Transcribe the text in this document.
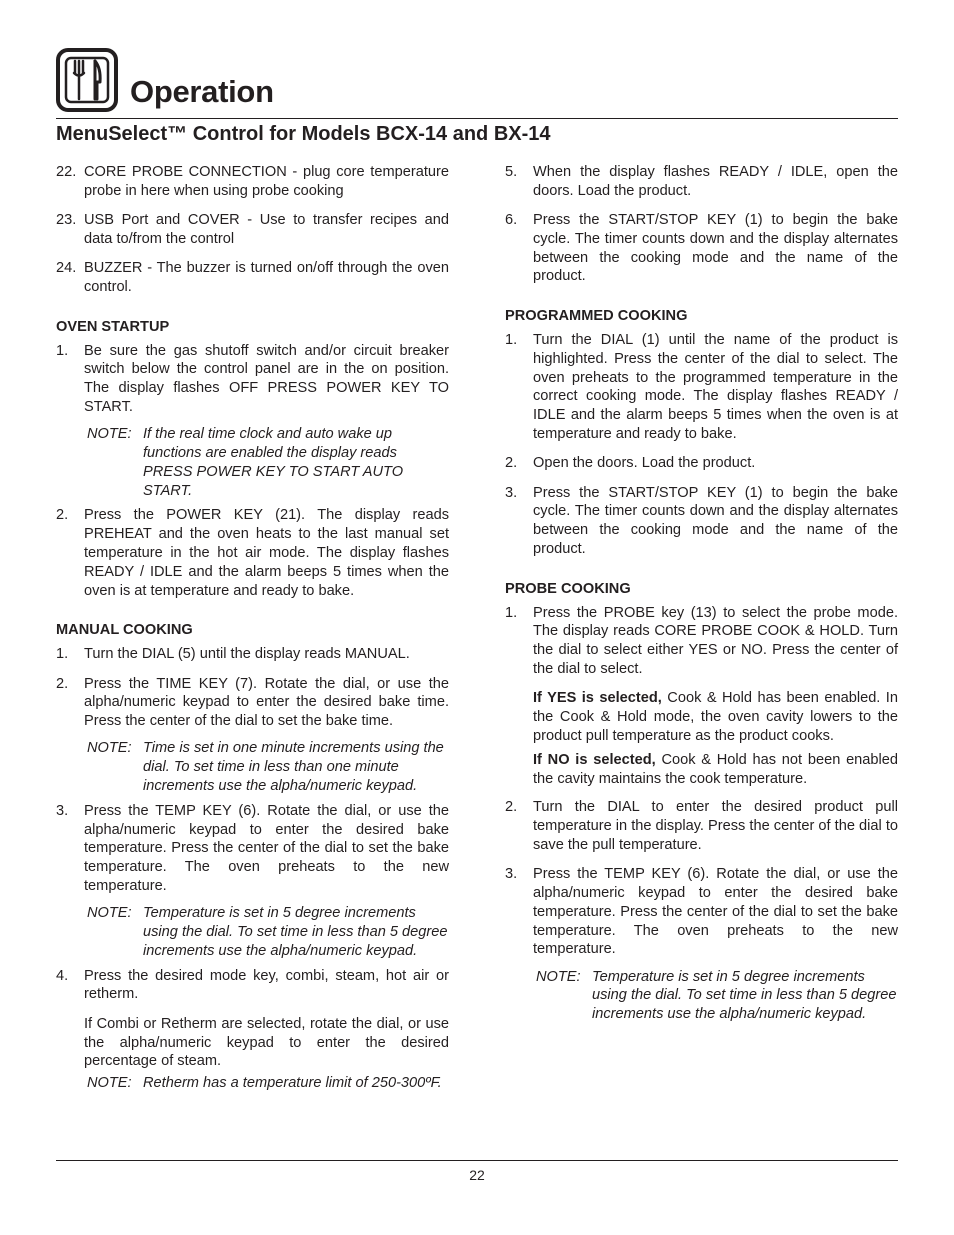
Operation
MenuSelect™ Control for Models BCX-14 and BX-14
22. CORE PROBE CONNECTION - plug core temperature probe in here when using probe cooking
23. USB Port and COVER - Use to transfer recipes and data to/from the control
24. BUZZER - The buzzer is turned on/off through the oven control.
OVEN STARTUP
1. Be sure the gas shutoff switch and/or circuit breaker switch below the control panel are in the on position. The display flashes OFF PRESS POWER KEY TO START.
NOTE: If the real time clock and auto wake up functions are enabled the display reads PRESS POWER KEY TO START AUTO START.
2. Press the POWER KEY (21). The display reads PREHEAT and the oven heats to the last manual set temperature in the hot air mode. The display flashes READY / IDLE and the alarm beeps 5 times when the oven is at temperature and ready to bake.
MANUAL COOKING
1. Turn the DIAL (5) until the display reads MANUAL.
2. Press the TIME KEY (7). Rotate the dial, or use the alpha/numeric keypad to enter the desired bake time. Press the center of the dial to set the bake time.
NOTE: Time is set in one minute increments using the dial. To set time in less than one minute increments use the alpha/numeric keypad.
3. Press the TEMP KEY (6). Rotate the dial, or use the alpha/numeric keypad to enter the desired bake temperature. Press the center of the dial to set the bake temperature. The oven preheats to the new temperature.
NOTE: Temperature is set in 5 degree increments using the dial. To set time in less than 5 degree increments use the alpha/numeric keypad.
4. Press the desired mode key, combi, steam, hot air or retherm.
If Combi or Retherm are selected, rotate the dial, or use the alpha/numeric keypad to enter the desired percentage of steam.
NOTE: Retherm has a temperature limit of 250-300ºF.
5. When the display flashes READY / IDLE, open the doors. Load the product.
6. Press the START/STOP KEY (1) to begin the bake cycle. The timer counts down and the display alternates between the cooking mode and the name of the product.
PROGRAMMED COOKING
1. Turn the DIAL (1) until the name of the product is highlighted. Press the center of the dial to select. The oven preheats to the programmed temperature in the correct cooking mode. The display flashes READY / IDLE and the alarm beeps 5 times when the oven is at temperature and ready to bake.
2. Open the doors. Load the product.
3. Press the START/STOP KEY (1) to begin the bake cycle. The timer counts down and the display alternates between the cooking mode and the name of the product.
PROBE COOKING
1. Press the PROBE key (13) to select the probe mode. The display reads CORE PROBE COOK & HOLD. Turn the dial to select either YES or NO. Press the center of the dial to select.
If YES is selected, Cook & Hold has been enabled. In the Cook & Hold mode, the oven cavity lowers to the product pull temperature as the product cooks.
If NO is selected, Cook & Hold has not been enabled the cavity maintains the cook temperature.
2. Turn the DIAL to enter the desired product pull temperature in the display. Press the center of the dial to save the pull temperature.
3. Press the TEMP KEY (6). Rotate the dial, or use the alpha/numeric keypad to enter the desired bake temperature. Press the center of the dial to set the bake temperature. The oven preheats to the new temperature.
NOTE: Temperature is set in 5 degree increments using the dial. To set time in less than 5 degree increments use the alpha/numeric keypad.
22
